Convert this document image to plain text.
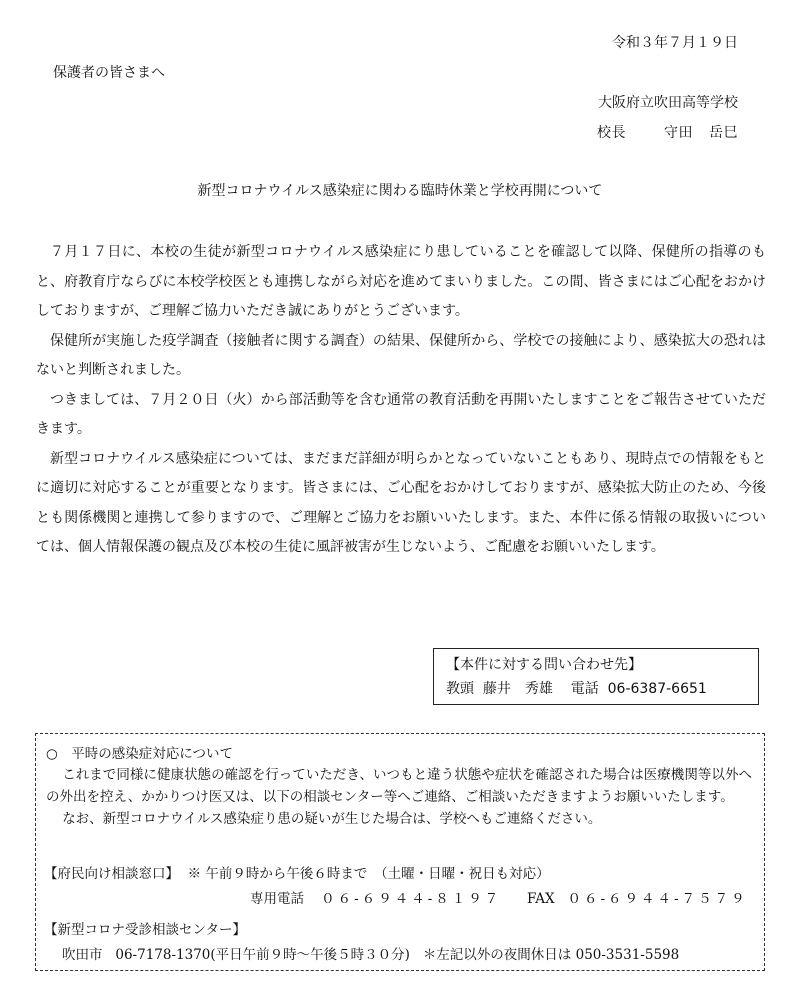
令和３年７月１９日
保護者の皆さまへ
大阪府立吹田高等学校
校長	守田 岳巳
新型コロナウイルス感染症に関わる臨時休業と学校再開について

７月１７日に、本校の生徒が新型コロナウイルス感染症にり患していることを確認して以降、保健所の指導のもと、府教育庁ならびに本校学校医とも連携しながら対応を進めてまいりました。この間、皆さまにはご心配をおかけしておりますが、ご理解ご協力いただき誠にありがとうございます。

保健所が実施した疫学調査（接触者に関する調査）の結果、保健所から、学校での接触により、感染拡大の恐れはないと判断されました。

つきましては、７月２０日（火）から部活動等を含む通常の教育活動を再開いたしますことをご報告させていただきます。

新型コロナウイルス感染症については、まだまだ詳細が明らかとなっていないこともあり、現時点での情報をもとに適切に対応することが重要となります。皆さまには、ご心配をおかけしておりますが、感染拡大防止のため、今後とも関係機関と連携して参りますので、ご理解とご協力をお願いいたします。また、本件に係る情報の取扱いについては、個人情報保護の観点及び本校の生徒に風評被害が生じないよう、ご配慮をお願いいたします。

【本件に対する問い合わせ先】
教頭 藤井　秀雄 電話 06-6387-6651
○　平時の感染症対応について

これまで同様に健康状態の確認を行っていただき、いつもと違う状態や症状を確認された場合は医療機関等以外への外出を控え、かかりつけ医又は、以下の相談センター等へご連絡、ご相談いただきますようお願いいたします。

なお、新型コロナウイルス感染症り患の疑いが生じた場合は、学校へもご連絡ください。

【府民向け相談窓口】 ※ 午前９時から午後６時まで　（土曜・日曜・祝日も対応）
専用電話 ０６-６９４４-８１９７ FAX ０６-６９４４-７５７９
【新型コロナ受診相談センター】
吹田市 06-7178-1370(平日午前９時～午後５時３０分) ＊左記以外の夜間休日は 050-3531-5598
